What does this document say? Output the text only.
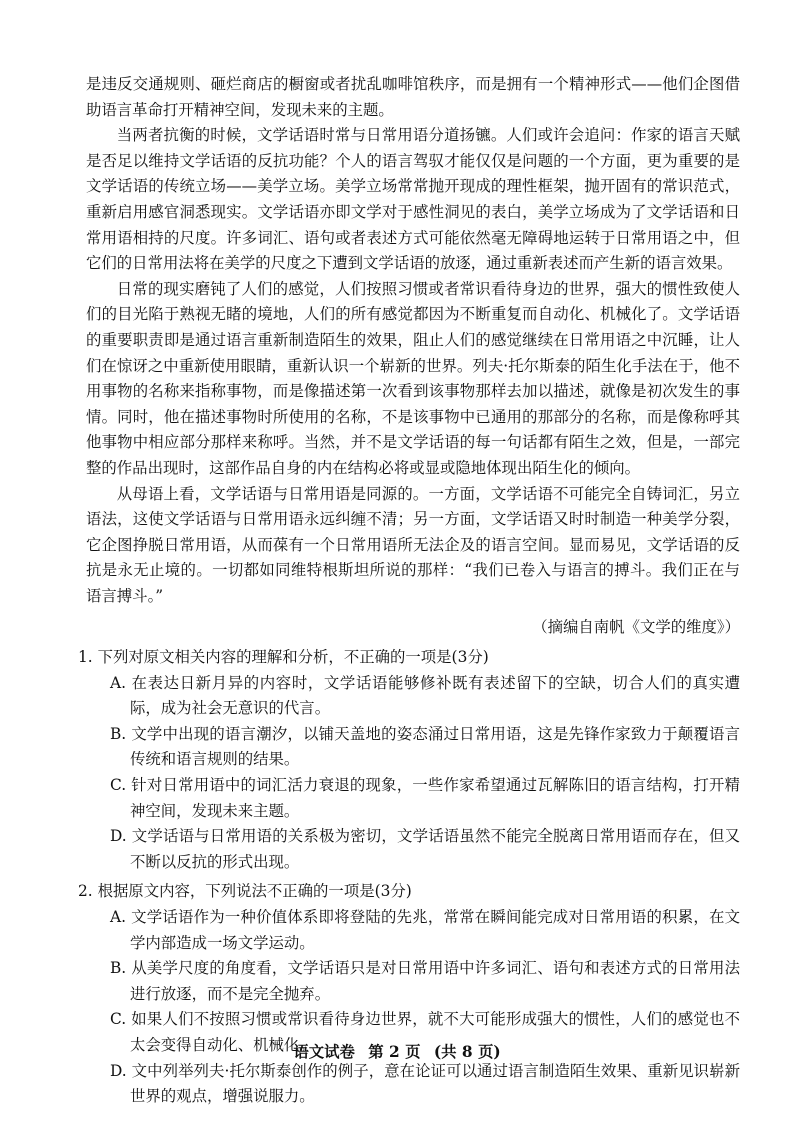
是违反交通规则、砸烂商店的橱窗或者扰乱咖啡馆秩序，而是拥有一个精神形式——他们企图借助语言革命打开精神空间，发现未来的主题。

当两者抗衡的时候，文学话语时常与日常用语分道扬镳。人们或许会追问：作家的语言天赋是否足以维持文学话语的反抗功能？个人的语言驾驭才能仅仅是问题的一个方面，更为重要的是文学话语的传统立场——美学立场。美学立场常常抛开现成的理性框架，抛开固有的常识范式，重新启用感官洞悉现实。文学话语亦即文学对于感性洞见的表白，美学立场成为了文学话语和日常用语相持的尺度。许多词汇、语句或者表述方式可能依然毫无障碍地运转于日常用语之中，但它们的日常用法将在美学的尺度之下遭到文学话语的放逐，通过重新表述而产生新的语言效果。

日常的现实磨钝了人们的感觉，人们按照习惯或者常识看待身边的世界，强大的惯性致使人们的目光陷于熟视无睹的境地，人们的所有感觉都因为不断重复而自动化、机械化了。文学话语的重要职责即是通过语言重新制造陌生的效果，阻止人们的感觉继续在日常用语之中沉睡，让人们在惊讶之中重新使用眼睛，重新认识一个崭新的世界。列夫·托尔斯泰的陌生化手法在于，他不用事物的名称来指称事物，而是像描述第一次看到该事物那样去加以描述，就像是初次发生的事情。同时，他在描述事物时所使用的名称，不是该事物中已通用的那部分的名称，而是像称呼其他事物中相应部分那样来称呼。当然，并不是文学话语的每一句话都有陌生之效，但是，一部完整的作品出现时，这部作品自身的内在结构必将或显或隐地体现出陌生化的倾向。

从母语上看，文学话语与日常用语是同源的。一方面，文学话语不可能完全自铸词汇，另立语法，这使文学话语与日常用语永远纠缠不清；另一方面，文学话语又时时制造一种美学分裂，它企图挣脱日常用语，从而葆有一个日常用语所无法企及的语言空间。显而易见，文学话语的反抗是永无止境的。一切都如同维特根斯坦所说的那样：“我们已卷入与语言的搏斗。我们正在与语言搏斗。”

（摘编自南帆《文学的维度》）

1. 下列对原文相关内容的理解和分析，不正确的一项是(3分)

A. 在表达日新月异的内容时，文学话语能够修补既有表述留下的空缺，切合人们的真实遭际，成为社会无意识的代言。

B. 文学中出现的语言潮汐，以铺天盖地的姿态涌过日常用语，这是先锋作家致力于颠覆语言传统和语言规则的结果。

C. 针对日常用语中的词汇活力衰退的现象，一些作家希望通过瓦解陈旧的语言结构，打开精神空间，发现未来主题。

D. 文学话语与日常用语的关系极为密切，文学话语虽然不能完全脱离日常用语而存在，但又不断以反抗的形式出现。

2. 根据原文内容，下列说法不正确的一项是(3分)

A. 文学话语作为一种价值体系即将登陆的先兆，常常在瞬间能完成对日常用语的积累，在文学内部造成一场文学运动。

B. 从美学尺度的角度看，文学话语只是对日常用语中许多词汇、语句和表述方式的日常用法进行放逐，而不是完全抛弃。

C. 如果人们不按照习惯或常识看待身边世界，就不大可能形成强大的惯性，人们的感觉也不太会变得自动化、机械化。

D. 文中列举列夫·托尔斯泰创作的例子，意在论证可以通过语言制造陌生效果、重新见识崭新世界的观点，增强说服力。

语文试卷 第 2 页 (共 8 页)
